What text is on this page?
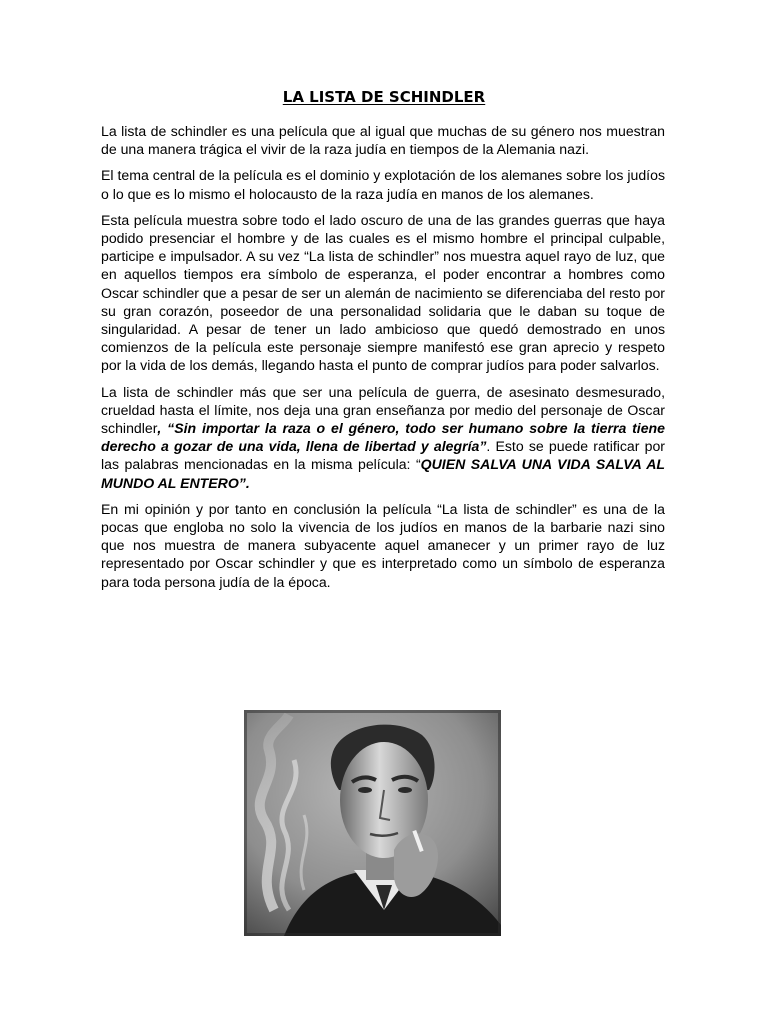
LA LISTA DE SCHINDLER

La lista de schindler es una película que al igual que muchas de su género nos muestran de una manera trágica el vivir de la raza judía en tiempos de la Alemania nazi.

El tema central de la película es el dominio y explotación de los alemanes sobre los judíos o lo que es lo mismo el holocausto de la raza judía en manos de los alemanes.

Esta película muestra sobre todo el lado oscuro de una de las grandes guerras que haya podido presenciar el hombre y de las cuales es el mismo hombre el principal culpable, participe e impulsador. A su vez “La lista de schindler” nos muestra aquel rayo de luz, que en aquellos tiempos era símbolo de esperanza, el poder encontrar a hombres como Oscar schindler que a pesar de ser un alemán de nacimiento se diferenciaba del resto por su gran corazón, poseedor de una personalidad solidaria que le daban su toque de singularidad. A pesar de tener un lado ambicioso que quedó demostrado en unos comienzos de la película este personaje siempre manifestó ese gran aprecio y respeto por la vida de los demás, llegando hasta el punto de comprar judíos para poder salvarlos.

La lista de schindler más que ser una película de guerra, de asesinato desmesurado, crueldad hasta el límite, nos deja una gran enseñanza por medio del personaje de Oscar schindler, “Sin importar la raza o el género, todo ser humano sobre la tierra tiene derecho a gozar de una vida, llena de libertad y alegría”. Esto se puede ratificar por las palabras mencionadas en la misma película: “QUIEN SALVA UNA VIDA SALVA AL MUNDO AL ENTERO”.

En mi opinión y por tanto en conclusión la película “La lista de schindler” es una de la pocas que engloba no solo la vivencia de los judíos en manos de la barbarie nazi sino que nos muestra de manera subyacente aquel amanecer y un primer rayo de luz representado por Oscar schindler y que es interpretado como un símbolo de esperanza para toda persona judía de la época.
